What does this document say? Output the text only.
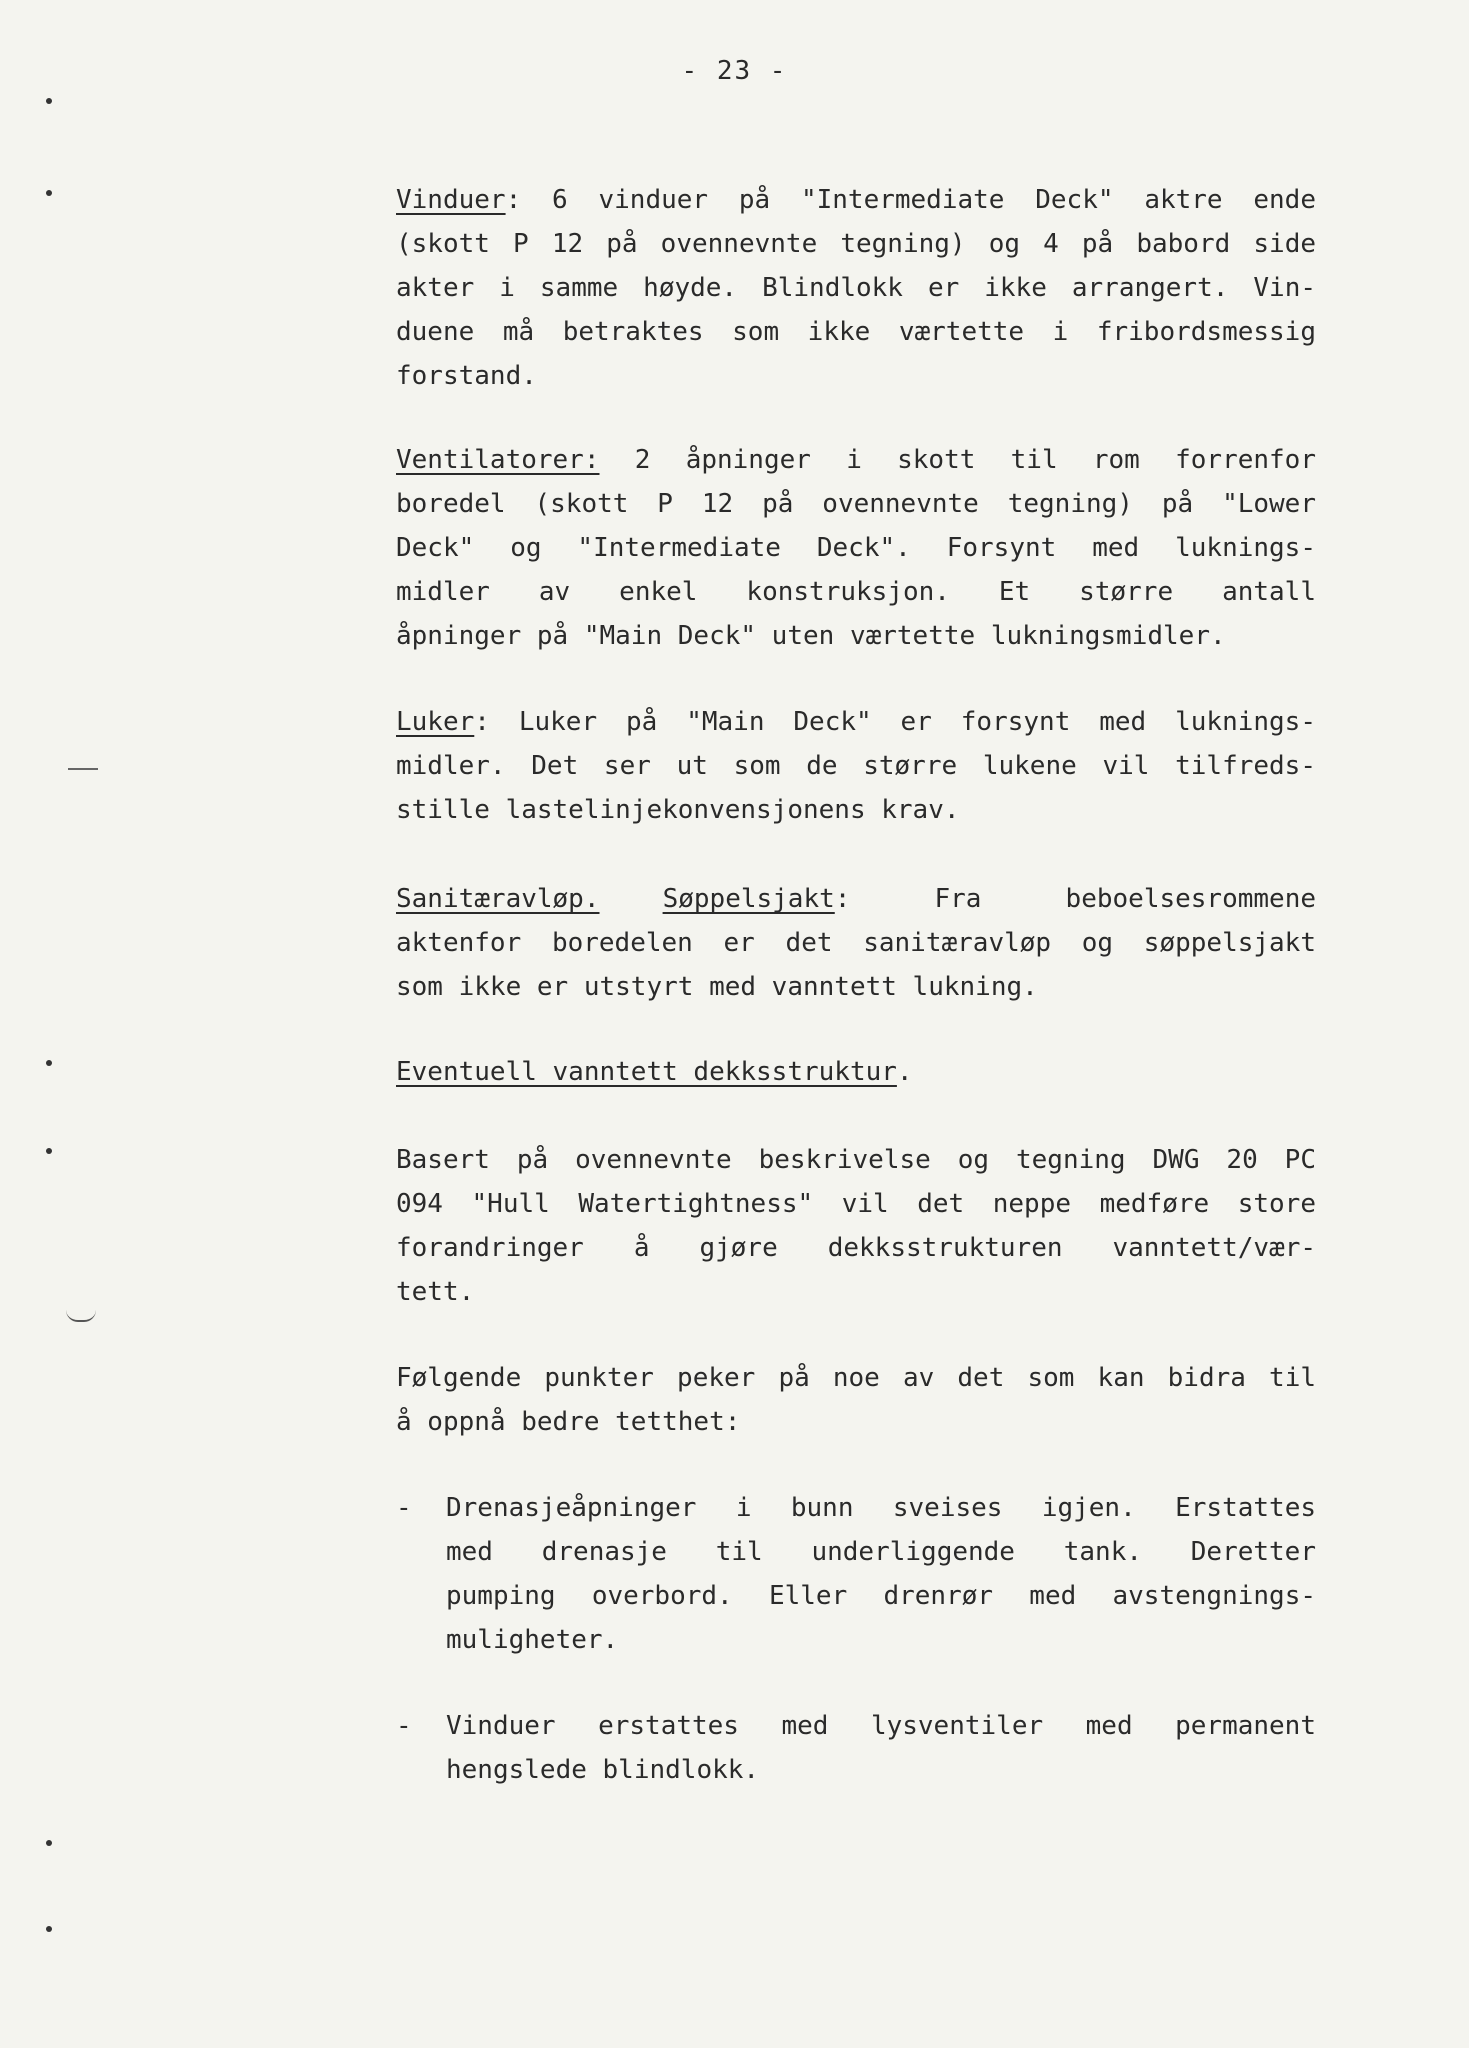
- 23 -
Vinduer: 6 vinduer på "Intermediate Deck" aktre ende
(skott P 12 på ovennevnte tegning) og 4 på babord side
akter i samme høyde. Blindlokk er ikke arrangert. Vin-
duene må betraktes som ikke værtette i fribordsmessig
forstand.
Ventilatorer: 2 åpninger i skott til rom forrenfor
boredel (skott P 12 på ovennevnte tegning) på "Lower
Deck" og "Intermediate Deck". Forsynt med luknings-
midler av enkel konstruksjon. Et større antall
åpninger på "Main Deck" uten værtette lukningsmidler.
Luker: Luker på "Main Deck" er forsynt med luknings-
midler. Det ser ut som de større lukene vil tilfreds-
stille lastelinjekonvensjonens krav.
Sanitæravløp. Søppelsjakt:    Fra    beboelsesrommene
aktenfor boredelen er det sanitæravløp og søppelsjakt
som ikke er utstyrt med vanntett lukning.
Eventuell vanntett dekksstruktur.
Basert på ovennevnte beskrivelse og tegning DWG 20 PC
094 "Hull Watertightness" vil det neppe medføre store
forandringer å gjøre dekksstrukturen vanntett/vær-
tett.
Følgende punkter peker på noe av det som kan bidra til
å oppnå bedre tetthet:
- Drenasjeåpninger i bunn sveises igjen. Erstattes
med drenasje til underliggende tank. Deretter
pumping overbord. Eller drenrør med avstengnings-
muligheter.
- Vinduer erstattes med lysventiler med permanent
hengslede blindlokk.
